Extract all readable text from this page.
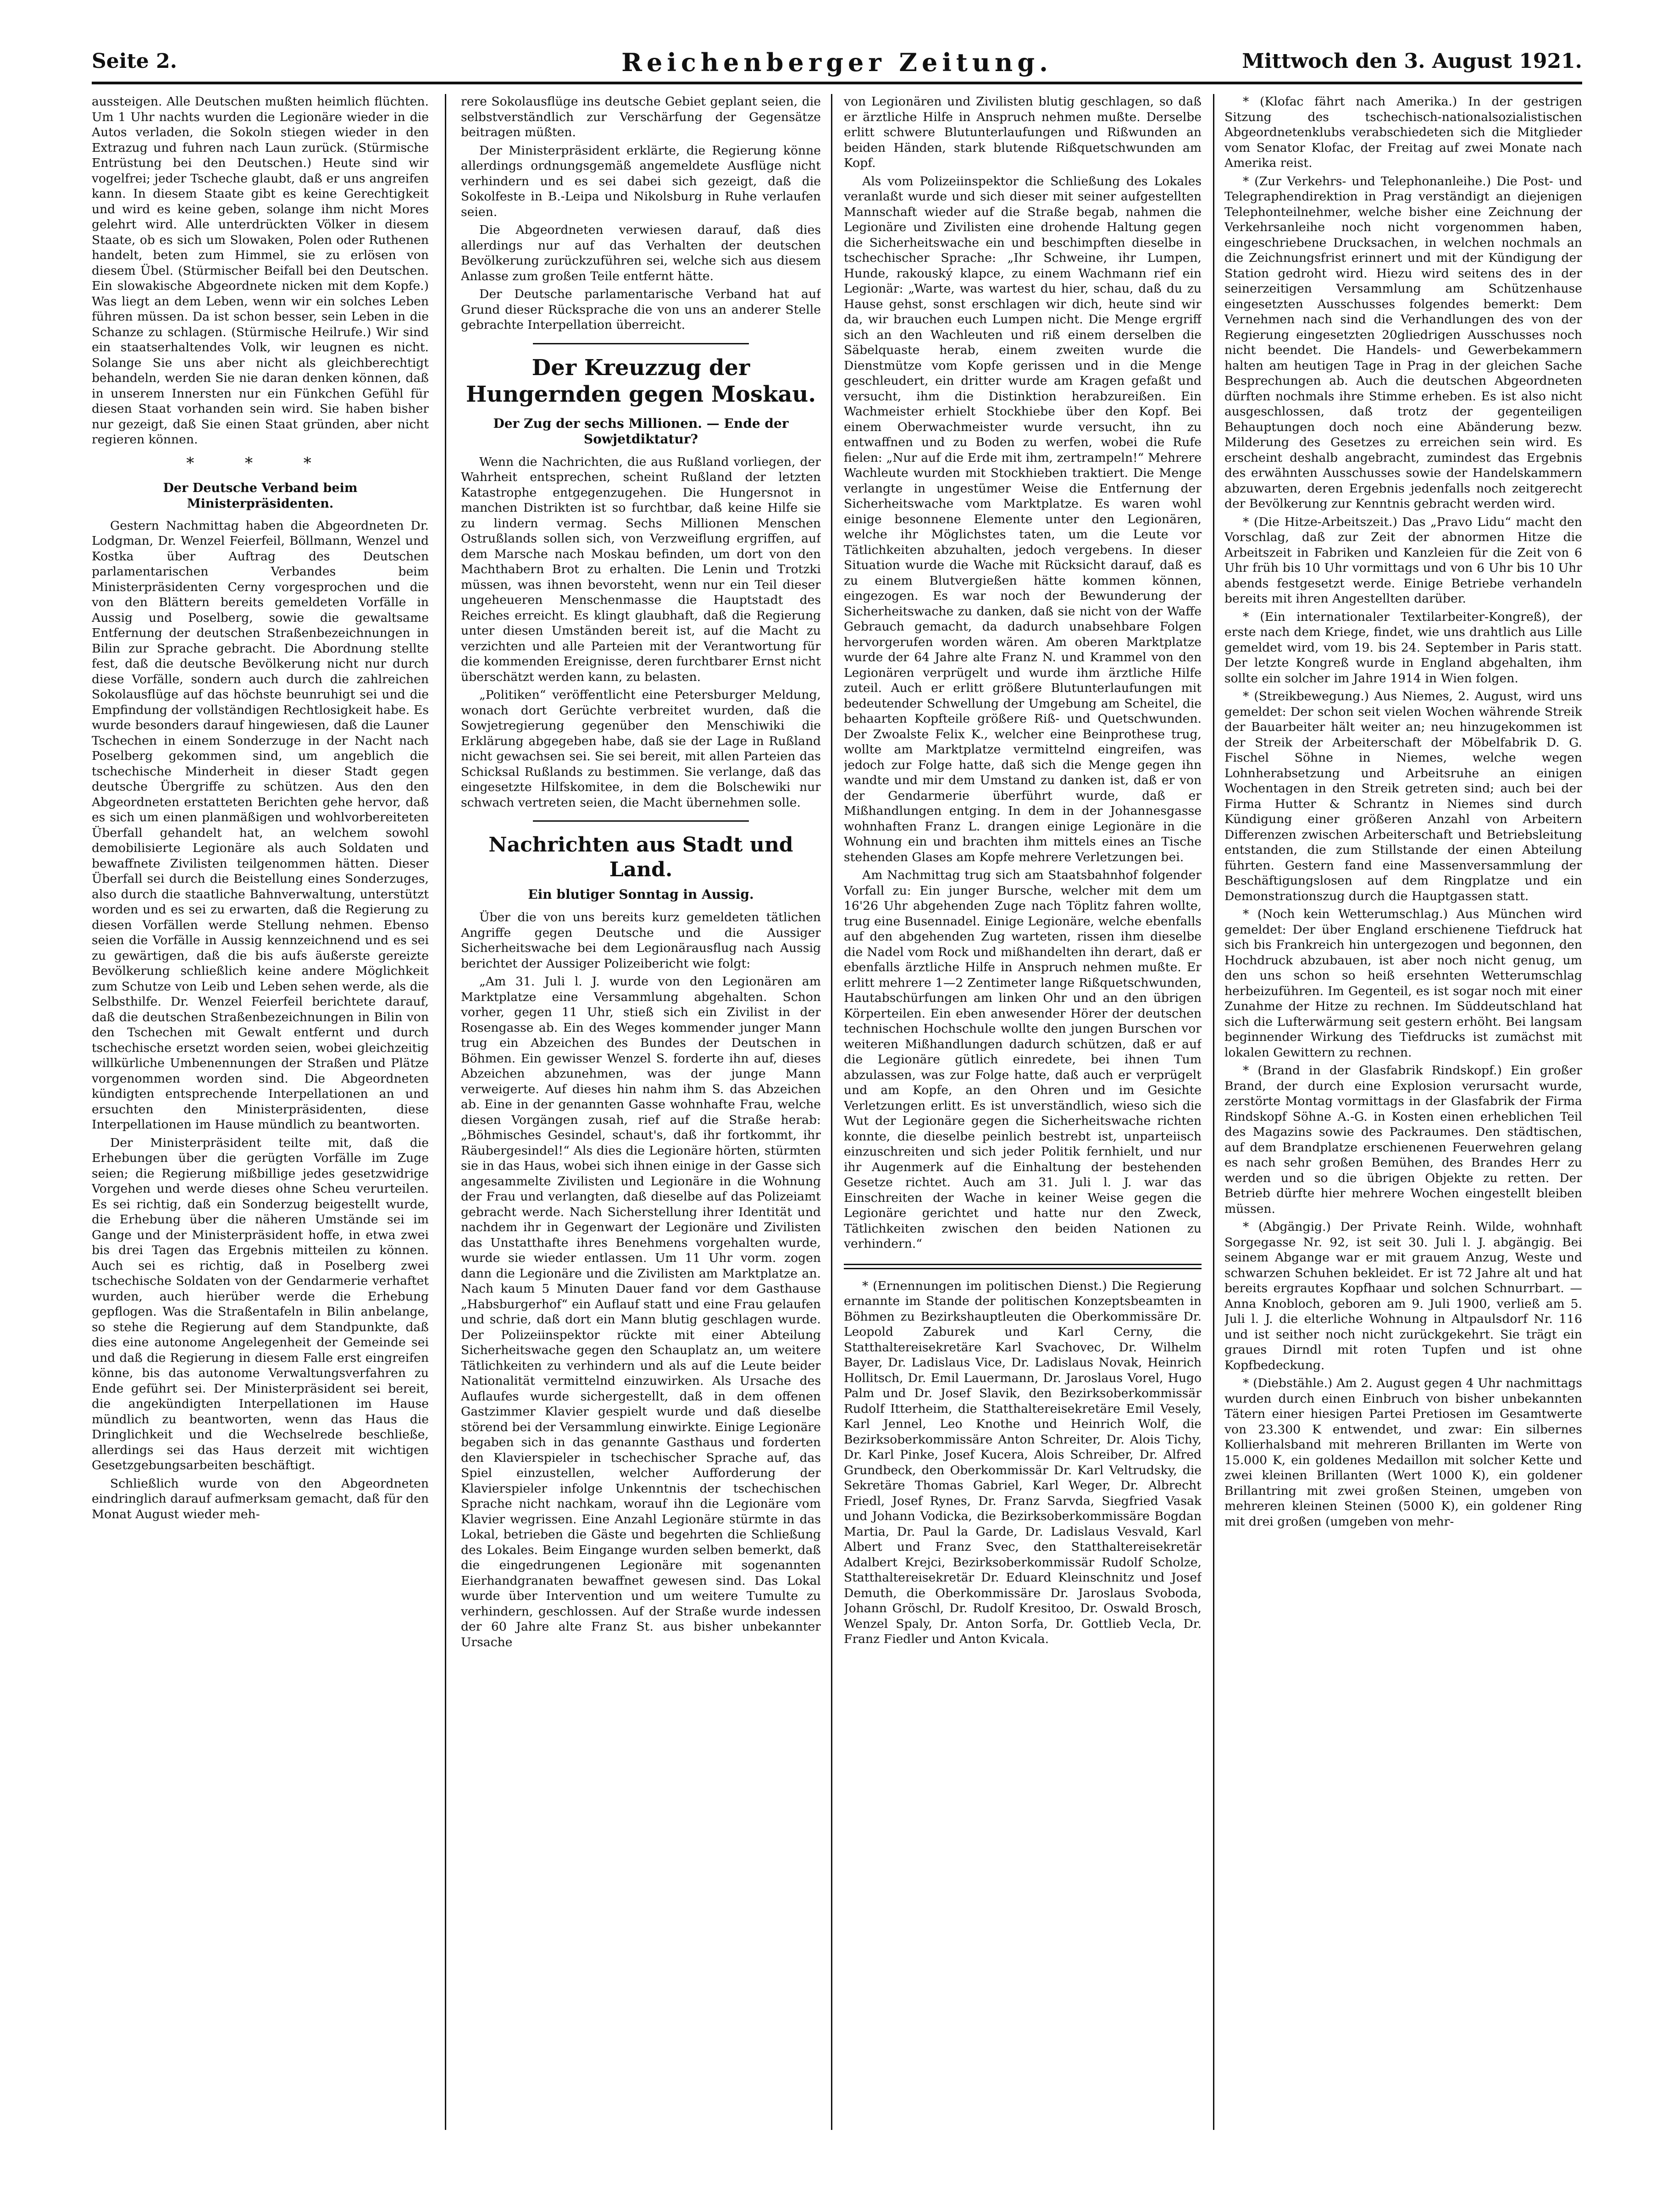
Seite 2.	Reichenberger Zeitung.	Mittwoch den 3. August 1921.

aussteigen. Alle Deutschen mußten heimlich flüchten. Um 1 Uhr nachts wurden die Legionäre wieder in die Autos verladen, die Sokoln stiegen wieder in den Extrazug und fuhren nach Laun zurück. (Stürmische Entrüstung bei den Deutschen.) Heute sind wir vogelfrei; jeder Tscheche glaubt, daß er uns angreifen kann. In diesem Staate gibt es keine Gerechtigkeit und wird es keine geben, solange ihm nicht Mores gelehrt wird. Alle unterdrückten Völker in diesem Staate, ob es sich um Slowaken, Polen oder Ruthenen handelt, beten zum Himmel, sie zu erlösen von diesem Übel. (Stürmischer Beifall bei den Deutschen. Ein slowakische Abgeordnete nicken mit dem Kopfe.) Was liegt an dem Leben, wenn wir ein solches Leben führen müssen. Da ist schon besser, sein Leben in die Schanze zu schlagen. (Stürmische Heilrufe.) Wir sind ein staatserhaltendes Volk, wir leugnen es nicht. Solange Sie uns aber nicht als gleichberechtigt behandeln, werden Sie nie daran denken können, daß in unserem Innersten nur ein Fünkchen Gefühl für diesen Staat vorhanden sein wird. Sie haben bisher nur gezeigt, daß Sie einen Staat gründen, aber nicht regieren können.

* * *
Der Deutsche Verband beim Ministerpräsidenten.

Gestern Nachmittag haben die Abgeordneten Dr. Lodgman, Dr. Wenzel Feierfeil, Böllmann, Wenzel und Kostka über Auftrag des Deutschen parlamentarischen Verbandes beim Ministerpräsidenten Cerny vorgesprochen und die von den Blättern bereits gemeldeten Vorfälle in Aussig und Poselberg, sowie die gewaltsame Entfernung der deutschen Straßenbezeichnungen in Bilin zur Sprache gebracht. Die Abordnung stellte fest, daß die deutsche Bevölkerung nicht nur durch diese Vorfälle, sondern auch durch die zahlreichen Sokolausflüge auf das höchste beunruhigt sei und die Empfindung der vollständigen Rechtlosigkeit habe. Es wurde besonders darauf hingewiesen, daß die Launer Tschechen in einem Sonderzuge in der Nacht nach Poselberg gekommen sind, um angeblich die tschechische Minderheit in dieser Stadt gegen deutsche Übergriffe zu schützen. Aus den den Abgeordneten erstatteten Berichten gehe hervor, daß es sich um einen planmäßigen und wohlvorbereiteten Überfall gehandelt hat, an welchem sowohl demobilisierte Legionäre als auch Soldaten und bewaffnete Zivilisten teilgenommen hätten. Dieser Überfall sei durch die Beistellung eines Sonderzuges, also durch die staatliche Bahnverwaltung, unterstützt worden und es sei zu erwarten, daß die Regierung zu diesen Vorfällen werde Stellung nehmen. Ebenso seien die Vorfälle in Aussig kennzeichnend und es sei zu gewärtigen, daß die bis aufs äußerste gereizte Bevölkerung schließlich keine andere Möglichkeit zum Schutze von Leib und Leben sehen werde, als die Selbsthilfe. Dr. Wenzel Feierfeil berichtete darauf, daß die deutschen Straßenbezeichnungen in Bilin von den Tschechen mit Gewalt entfernt und durch tschechische ersetzt worden seien, wobei gleichzeitig willkürliche Umbenennungen der Straßen und Plätze vorgenommen worden sind. Die Abgeordneten kündigten entsprechende Interpellationen an und ersuchten den Ministerpräsidenten, diese Interpellationen im Hause mündlich zu beantworten.

Der Ministerpräsident teilte mit, daß die Erhebungen über die gerügten Vorfälle im Zuge seien; die Regierung mißbillige jedes gesetzwidrige Vorgehen und werde dieses ohne Scheu verurteilen. Es sei richtig, daß ein Sonderzug beigestellt wurde, die Erhebung über die näheren Umstände sei im Gange und der Ministerpräsident hoffe, in etwa zwei bis drei Tagen das Ergebnis mitteilen zu können. Auch sei es richtig, daß in Poselberg zwei tschechische Soldaten von der Gendarmerie verhaftet wurden, auch hierüber werde die Erhebung gepflogen. Was die Straßentafeln in Bilin anbelange, so stehe die Regierung auf dem Standpunkte, daß dies eine autonome Angelegenheit der Gemeinde sei und daß die Regierung in diesem Falle erst eingreifen könne, bis das autonome Verwaltungsverfahren zu Ende geführt sei. Der Ministerpräsident sei bereit, die angekündigten Interpellationen im Hause mündlich zu beantworten, wenn das Haus die Dringlichkeit und die Wechselrede beschließe, allerdings sei das Haus derzeit mit wichtigen Gesetzgebungsarbeiten beschäftigt.

Schließlich wurde von den Abgeordneten eindringlich darauf aufmerksam gemacht, daß für den Monat August wieder meh-

rere Sokolausflüge ins deutsche Gebiet geplant seien, die selbstverständlich zur Verschärfung der Gegensätze beitragen müßten.

Der Ministerpräsident erklärte, die Regierung könne allerdings ordnungsgemäß angemeldete Ausflüge nicht verhindern und es sei dabei sich gezeigt, daß die Sokolfeste in B.-Leipa und Nikolsburg in Ruhe verlaufen seien.

Die Abgeordneten verwiesen darauf, daß dies allerdings nur auf das Verhalten der deutschen Bevölkerung zurückzuführen sei, welche sich aus diesem Anlasse zum großen Teile entfernt hätte.

Der Deutsche parlamentarische Verband hat auf Grund dieser Rücksprache die von uns an anderer Stelle gebrachte Interpellation überreicht.

Der Kreuzzug der Hungernden gegen Moskau.
Der Zug der sechs Millionen. — Ende der Sowjetdiktatur?

Wenn die Nachrichten, die aus Rußland vorliegen, der Wahrheit entsprechen, scheint Rußland der letzten Katastrophe entgegenzugehen. Die Hungersnot in manchen Distrikten ist so furchtbar, daß keine Hilfe sie zu lindern vermag. Sechs Millionen Menschen Ostrußlands sollen sich, von Verzweiflung ergriffen, auf dem Marsche nach Moskau befinden, um dort von den Machthabern Brot zu erhalten. Die Lenin und Trotzki müssen, was ihnen bevorsteht, wenn nur ein Teil dieser ungeheueren Menschenmasse die Hauptstadt des Reiches erreicht. Es klingt glaubhaft, daß die Regierung unter diesen Umständen bereit ist, auf die Macht zu verzichten und alle Parteien mit der Verantwortung für die kommenden Ereignisse, deren furchtbarer Ernst nicht überschätzt werden kann, zu belasten.

„Politiken“ veröffentlicht eine Petersburger Meldung, wonach dort Gerüchte verbreitet wurden, daß die Sowjetregierung gegenüber den Menschiwiki die Erklärung abgegeben habe, daß sie der Lage in Rußland nicht gewachsen sei. Sie sei bereit, mit allen Parteien das Schicksal Rußlands zu bestimmen. Sie verlange, daß das eingesetzte Hilfskomitee, in dem die Bolschewiki nur schwach vertreten seien, die Macht übernehmen solle.

Nachrichten aus Stadt und Land.
Ein blutiger Sonntag in Aussig.

Über die von uns bereits kurz gemeldeten tätlichen Angriffe gegen Deutsche und die Aussiger Sicherheitswache bei dem Legionärausflug nach Aussig berichtet der Aussiger Polizeibericht wie folgt:

„Am 31. Juli l. J. wurde von den Legionären am Marktplatze eine Versammlung abgehalten. Schon vorher, gegen 11 Uhr, stieß sich ein Zivilist in der Rosengasse ab. Ein des Weges kommender junger Mann trug ein Abzeichen des Bundes der Deutschen in Böhmen. Ein gewisser Wenzel S. forderte ihn auf, dieses Abzeichen abzunehmen, was der junge Mann verweigerte. Auf dieses hin nahm ihm S. das Abzeichen ab. Eine in der genannten Gasse wohnhafte Frau, welche diesen Vorgängen zusah, rief auf die Straße herab: „Böhmisches Gesindel, schaut's, daß ihr fortkommt, ihr Räubergesindel!“ Als dies die Legionäre hörten, stürmten sie in das Haus, wobei sich ihnen einige in der Gasse sich angesammelte Zivilisten und Legionäre in die Wohnung der Frau und verlangten, daß dieselbe auf das Polizeiamt gebracht werde. Nach Sicherstellung ihrer Identität und nachdem ihr in Gegenwart der Legionäre und Zivilisten das Unstatthafte ihres Benehmens vorgehalten wurde, wurde sie wieder entlassen. Um 11 Uhr vorm. zogen dann die Legionäre und die Zivilisten am Marktplatze an. Nach kaum 5 Minuten Dauer fand vor dem Gasthause „Habsburgerhof“ ein Auflauf statt und eine Frau gelaufen und schrie, daß dort ein Mann blutig geschlagen wurde. Der Polizeiinspektor rückte mit einer Abteilung Sicherheitswache gegen den Schauplatz an, um weitere Tätlichkeiten zu verhindern und als auf die Leute beider Nationalität vermittelnd einzuwirken. Als Ursache des Auflaufes wurde sichergestellt, daß in dem offenen Gastzimmer Klavier gespielt wurde und daß dieselbe störend bei der Versammlung einwirkte. Einige Legionäre begaben sich in das genannte Gasthaus und forderten den Klavierspieler in tschechischer Sprache auf, das Spiel einzustellen, welcher Aufforderung der Klavierspieler infolge Unkenntnis der tschechischen Sprache nicht nachkam, worauf ihn die Legionäre vom Klavier wegrissen. Eine Anzahl Legionäre stürmte in das Lokal, betrieben die Gäste und begehrten die Schließung des Lokales. Beim Eingange wurden selben bemerkt, daß die eingedrungenen Legionäre mit sogenannten Eierhandgranaten bewaffnet gewesen sind. Das Lokal wurde über Intervention und um weitere Tumulte zu verhindern, geschlossen. Auf der Straße wurde indessen der 60 Jahre alte Franz St. aus bisher unbekannter Ursache

von Legionären und Zivilisten blutig geschlagen, so daß er ärztliche Hilfe in Anspruch nehmen mußte. Derselbe erlitt schwere Blutunterlaufungen und Rißwunden an beiden Händen, stark blutende Rißquetschwunden am Kopf.

Als vom Polizeiinspektor die Schließung des Lokales veranlaßt wurde und sich dieser mit seiner aufgestellten Mannschaft wieder auf die Straße begab, nahmen die Legionäre und Zivilisten eine drohende Haltung gegen die Sicherheitswache ein und beschimpften dieselbe in tschechischer Sprache: „Ihr Schweine, ihr Lumpen, Hunde, rakouský klapce, zu einem Wachmann rief ein Legionär: „Warte, was wartest du hier, schau, daß du zu Hause gehst, sonst erschlagen wir dich, heute sind wir da, wir brauchen euch Lumpen nicht. Die Menge ergriff sich an den Wachleuten und riß einem derselben die Säbelquaste herab, einem zweiten wurde die Dienstmütze vom Kopfe gerissen und in die Menge geschleudert, ein dritter wurde am Kragen gefaßt und versucht, ihm die Distinktion herabzureißen. Ein Wachmeister erhielt Stockhiebe über den Kopf. Bei einem Oberwachmeister wurde versucht, ihn zu entwaffnen und zu Boden zu werfen, wobei die Rufe fielen: „Nur auf die Erde mit ihm, zertrampeln!“ Mehrere Wachleute wurden mit Stockhieben traktiert. Die Menge verlangte in ungestümer Weise die Entfernung der Sicherheitswache vom Marktplatze. Es waren wohl einige besonnene Elemente unter den Legionären, welche ihr Möglichstes taten, um die Leute vor Tätlichkeiten abzuhalten, jedoch vergebens. In dieser Situation wurde die Wache mit Rücksicht darauf, daß es zu einem Blutvergießen hätte kommen können, eingezogen. Es war noch der Bewunderung der Sicherheitswache zu danken, daß sie nicht von der Waffe Gebrauch gemacht, da dadurch unabsehbare Folgen hervorgerufen worden wären. Am oberen Marktplatze wurde der 64 Jahre alte Franz N. und Krammel von den Legionären verprügelt und wurde ihm ärztliche Hilfe zuteil. Auch er erlitt größere Blutunterlaufungen mit bedeutender Schwellung der Umgebung am Scheitel, die behaarten Kopfteile größere Riß- und Quetschwunden. Der Zwoalste Felix K., welcher eine Beinprothese trug, wollte am Marktplatze vermittelnd eingreifen, was jedoch zur Folge hatte, daß sich die Menge gegen ihn wandte und mir dem Umstand zu danken ist, daß er von der Gendarmerie überführt wurde, daß er Mißhandlungen entging. In dem in der Johannesgasse wohnhaften Franz L. drangen einige Legionäre in die Wohnung ein und brachten ihm mittels eines an Tische stehenden Glases am Kopfe mehrere Verletzungen bei.

Am Nachmittag trug sich am Staatsbahnhof folgender Vorfall zu: Ein junger Bursche, welcher mit dem um 16'26 Uhr abgehenden Zuge nach Töplitz fahren wollte, trug eine Busennadel. Einige Legionäre, welche ebenfalls auf den abgehenden Zug warteten, rissen ihm dieselbe die Nadel vom Rock und mißhandelten ihn derart, daß er ebenfalls ärztliche Hilfe in Anspruch nehmen mußte. Er erlitt mehrere 1—2 Zentimeter lange Rißquetschwunden, Hautabschürfungen am linken Ohr und an den übrigen Körperteilen. Ein eben anwesender Hörer der deutschen technischen Hochschule wollte den jungen Burschen vor weiteren Mißhandlungen dadurch schützen, daß er auf die Legionäre gütlich einredete, bei ihnen Tum abzulassen, was zur Folge hatte, daß auch er verprügelt und am Kopfe, an den Ohren und im Gesichte Verletzungen erlitt. Es ist unverständlich, wieso sich die Wut der Legionäre gegen die Sicherheitswache richten konnte, die dieselbe peinlich bestrebt ist, unparteiisch einzuschreiten und sich jeder Politik fernhielt, und nur ihr Augenmerk auf die Einhaltung der bestehenden Gesetze richtet. Auch am 31. Juli l. J. war das Einschreiten der Wache in keiner Weise gegen die Legionäre gerichtet und hatte nur den Zweck, Tätlichkeiten zwischen den beiden Nationen zu verhindern.“

* (Ernennungen im politischen Dienst.) Die Regierung ernannte im Stande der politischen Konzeptsbeamten in Böhmen zu Bezirkshauptleuten die Oberkommissäre Dr. Leopold Zaburek und Karl Cerny, die Statthaltereisekretäre Karl Svachovec, Dr. Wilhelm Bayer, Dr. Ladislaus Vice, Dr. Ladislaus Novak, Heinrich Hollitsch, Dr. Emil Lauermann, Dr. Jaroslaus Vorel, Hugo Palm und Dr. Josef Slavik, den Bezirksoberkommissär Rudolf Itterheim, die Statthaltereisekretäre Emil Vesely, Karl Jennel, Leo Knothe und Heinrich Wolf, die Bezirksoberkommissäre Anton Schreiter, Dr. Alois Tichy, Dr. Karl Pinke, Josef Kucera, Alois Schreiber, Dr. Alfred Grundbeck, den Oberkommissär Dr. Karl Veltrudsky, die Sekretäre Thomas Gabriel, Karl Weger, Dr. Albrecht Friedl, Josef Rynes, Dr. Franz Sarvda, Siegfried Vasak und Johann Vodicka, die Bezirksoberkommissäre Bogdan Martia, Dr. Paul la Garde, Dr. Ladislaus Vesvald, Karl Albert und Franz Svec, den Statthaltereisekretär Adalbert Krejci, Bezirksoberkommissär Rudolf Scholze, Statthaltereisekretär Dr. Eduard Kleinschnitz und Josef Demuth, die Oberkommissäre Dr. Jaroslaus Svoboda, Johann Gröschl, Dr. Rudolf Kresitoo, Dr. Oswald Brosch, Wenzel Spaly, Dr. Anton Sorfa, Dr. Gottlieb Vecla, Dr. Franz Fiedler und Anton Kvicala.

* (Klofac fährt nach Amerika.) In der gestrigen Sitzung des tschechisch-nationalsozialistischen Abgeordnetenklubs verabschiedeten sich die Mitglieder vom Senator Klofac, der Freitag auf zwei Monate nach Amerika reist.

* (Zur Verkehrs- und Telephonanleihe.) Die Post- und Telegraphendirektion in Prag verständigt an diejenigen Telephonteilnehmer, welche bisher eine Zeichnung der Verkehrsanleihe noch nicht vorgenommen haben, eingeschriebene Drucksachen, in welchen nochmals an die Zeichnungsfrist erinnert und mit der Kündigung der Station gedroht wird. Hiezu wird seitens des in der seinerzeitigen Versammlung am Schützenhause eingesetzten Ausschusses folgendes bemerkt: Dem Vernehmen nach sind die Verhandlungen des von der Regierung eingesetzten 20gliedrigen Ausschusses noch nicht beendet. Die Handels- und Gewerbekammern halten am heutigen Tage in Prag in der gleichen Sache Besprechungen ab. Auch die deutschen Abgeordneten dürften nochmals ihre Stimme erheben. Es ist also nicht ausgeschlossen, daß trotz der gegenteiligen Behauptungen doch noch eine Abänderung bezw. Milderung des Gesetzes zu erreichen sein wird. Es erscheint deshalb angebracht, zumindest das Ergebnis des erwähnten Ausschusses sowie der Handelskammern abzuwarten, deren Ergebnis jedenfalls noch zeitgerecht der Bevölkerung zur Kenntnis gebracht werden wird.

* (Die Hitze-Arbeitszeit.) Das „Pravo Lidu“ macht den Vorschlag, daß zur Zeit der abnormen Hitze die Arbeitszeit in Fabriken und Kanzleien für die Zeit von 6 Uhr früh bis 10 Uhr vormittags und von 6 Uhr bis 10 Uhr abends festgesetzt werde. Einige Betriebe verhandeln bereits mit ihren Angestellten darüber.

* (Ein internationaler Textilarbeiter-Kongreß), der erste nach dem Kriege, findet, wie uns drahtlich aus Lille gemeldet wird, vom 19. bis 24. September in Paris statt. Der letzte Kongreß wurde in England abgehalten, ihm sollte ein solcher im Jahre 1914 in Wien folgen.

* (Streikbewegung.) Aus Niemes, 2. August, wird uns gemeldet: Der schon seit vielen Wochen währende Streik der Bauarbeiter hält weiter an; neu hinzugekommen ist der Streik der Arbeiterschaft der Möbelfabrik D. G. Fischel Söhne in Niemes, welche wegen Lohnherabsetzung und Arbeitsruhe an einigen Wochentagen in den Streik getreten sind; auch bei der Firma Hutter & Schrantz in Niemes sind durch Kündigung einer größeren Anzahl von Arbeitern Differenzen zwischen Arbeiterschaft und Betriebsleitung entstanden, die zum Stillstande der einen Abteilung führten. Gestern fand eine Massenversammlung der Beschäftigungslosen auf dem Ringplatze und ein Demonstrationszug durch die Hauptgassen statt.

* (Noch kein Wetterumschlag.) Aus München wird gemeldet: Der über England erschienene Tiefdruck hat sich bis Frankreich hin untergezogen und begonnen, den Hochdruck abzubauen, ist aber noch nicht genug, um den uns schon so heiß ersehnten Wetterumschlag herbeizuführen. Im Gegenteil, es ist sogar noch mit einer Zunahme der Hitze zu rechnen. Im Süddeutschland hat sich die Lufterwärmung seit gestern erhöht. Bei langsam beginnender Wirkung des Tiefdrucks ist zumächst mit lokalen Gewittern zu rechnen.

* (Brand in der Glasfabrik Rindskopf.) Ein großer Brand, der durch eine Explosion verursacht wurde, zerstörte Montag vormittags in der Glasfabrik der Firma Rindskopf Söhne A.-G. in Kosten einen erheblichen Teil des Magazins sowie des Packraumes. Den städtischen, auf dem Brandplatze erschienenen Feuerwehren gelang es nach sehr großen Bemühen, des Brandes Herr zu werden und so die übrigen Objekte zu retten. Der Betrieb dürfte hier mehrere Wochen eingestellt bleiben müssen.

* (Abgängig.) Der Private Reinh. Wilde, wohnhaft Sorgegasse Nr. 92, ist seit 30. Juli l. J. abgängig. Bei seinem Abgange war er mit grauem Anzug, Weste und schwarzen Schuhen bekleidet. Er ist 72 Jahre alt und hat bereits ergrautes Kopfhaar und solchen Schnurrbart. — Anna Knobloch, geboren am 9. Juli 1900, verließ am 5. Juli l. J. die elterliche Wohnung in Altpaulsdorf Nr. 116 und ist seither noch nicht zurückgekehrt. Sie trägt ein graues Dirndl mit roten Tupfen und ist ohne Kopfbedeckung.

* (Diebstähle.) Am 2. August gegen 4 Uhr nachmittags wurden durch einen Einbruch von bisher unbekannten Tätern einer hiesigen Partei Pretiosen im Gesamtwerte von 23.300 K entwendet, und zwar: Ein silbernes Kollierhalsband mit mehreren Brillanten im Werte von 15.000 K, ein goldenes Medaillon mit solcher Kette und zwei kleinen Brillanten (Wert 1000 K), ein goldener Brillantring mit zwei großen Steinen, umgeben von mehreren kleinen Steinen (5000 K), ein goldener Ring mit drei großen (umgeben von mehr-
